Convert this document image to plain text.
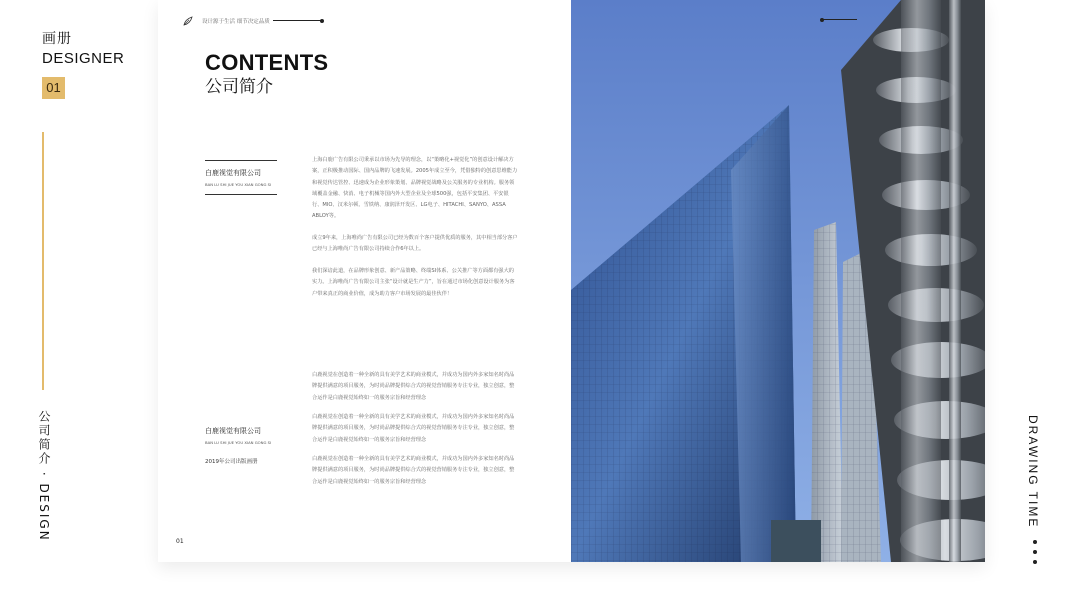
画册
DESIGNER
01
公司简介 · DESIGN
设计源于生活 细节决定品质
CONTENTS
公司简介
白鹿视觉有限公司
BAN LU SHI JUE YOU XIAN GONG SI
白鹿视觉有限公司
BAN LU SHI JUE YOU XIAN GONG SI
2019年公司出版画册

上海白鹿广告有限公司秉承以市场为先导的理念，以“策略化+视觉化”的创意设计解决方案，正积极推动国际、国内品牌的飞速发展。2005年成立至今，凭借独特的创意思维能力和视觉传达管控、迅速成为企业形象策划、品牌视觉战略及公关服务的专业机构。服务领域覆盖金融、快消、电子机械等国内外大型企业及全球500强，包括平安集团、平安银行、MIO、汉米尔顿、雪铁纳、康润泽开发区、LG电子、HITACHI、SANYO、ASSA ABLOY等。

成立9年来，上海唯尚广告有限公司已经为数百个客户提供优质的服务，其中相当部分客户已经与上海唯尚广告有限公司持续合作6年以上。

我们深谙此道，在品牌形象创意、新产品策略、终端SI体系、公关推广等方面都有强大的实力。上海唯尚广告有限公司主张“设计就是生产力”，旨在通过市场化创意设计服务为客户带来真正的商业价值，成为助力客户市场发展的最佳伙伴！

白鹿视觉在创造着一种全新的具有美学艺术的商业模式，并成功为国内外多家知名时尚品牌提供满意的项目服务，为时尚品牌提供综合式的视觉营销服务专注专业，独立创意，整合运作是白鹿视觉始终如一的服务宗旨和经营理念

白鹿视觉在创造着一种全新的具有美学艺术的商业模式，并成功为国内外多家知名时尚品牌提供满意的项目服务，为时尚品牌提供综合式的视觉营销服务专注专业，独立创意，整合运作是白鹿视觉始终如一的服务宗旨和经营理念

白鹿视觉在创造着一种全新的具有美学艺术的商业模式，并成功为国内外多家知名时尚品牌提供满意的项目服务，为时尚品牌提供综合式的视觉营销服务专注专业，独立创意，整合运作是白鹿视觉始终如一的服务宗旨和经营理念

01
DRAWING TIME
